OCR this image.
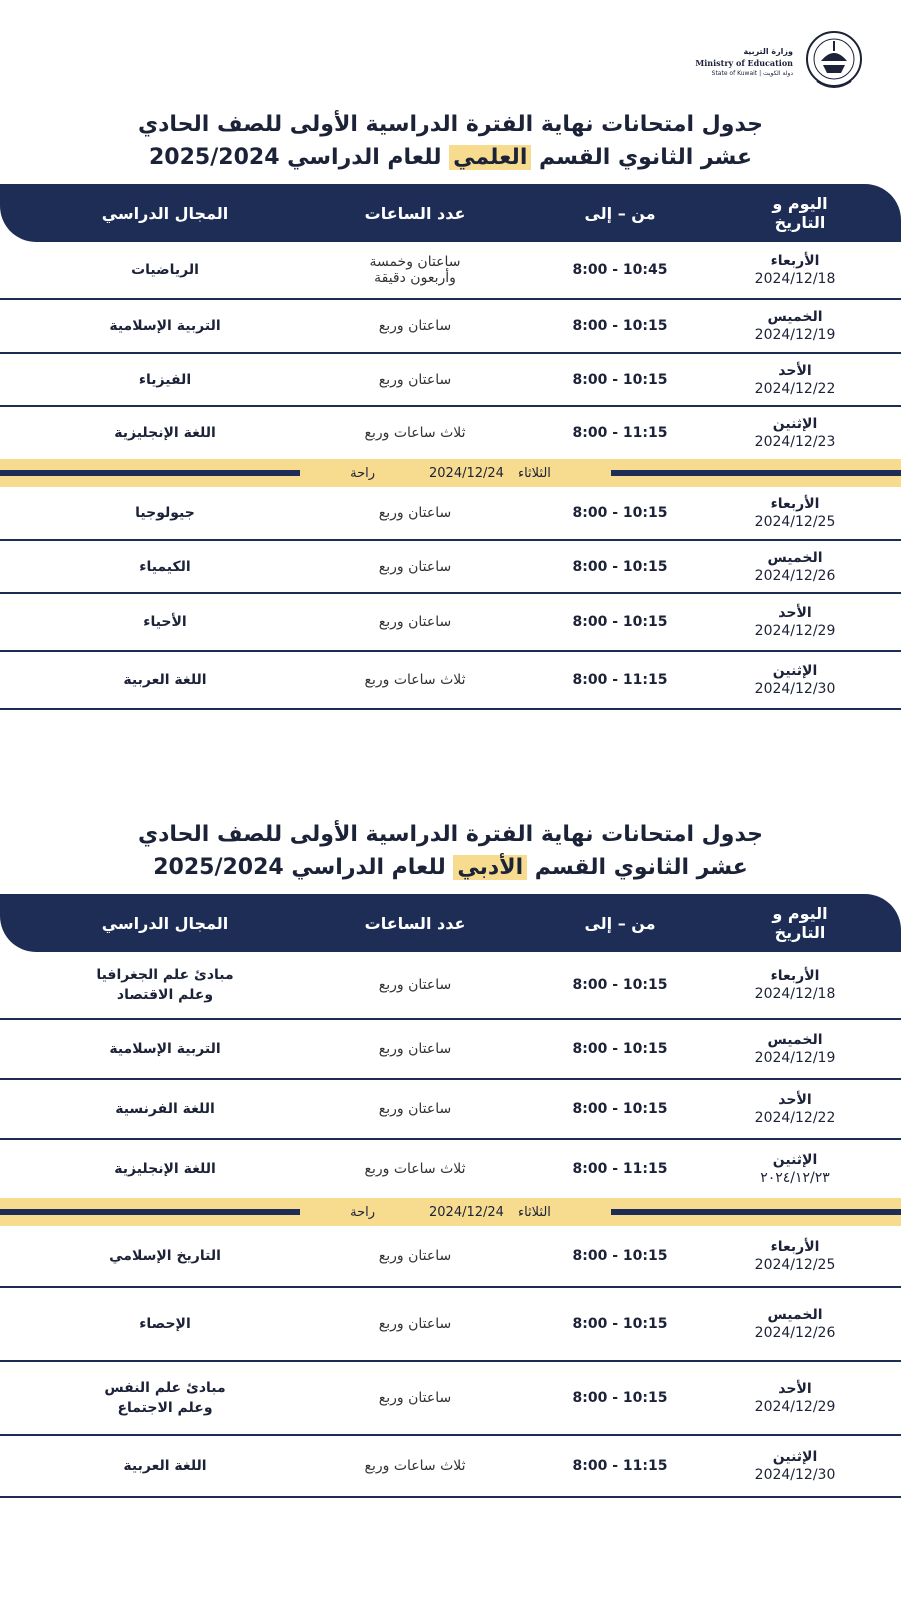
وزارة التربية
Ministry of Education
State of Kuwait | دولة الكويت
جدول امتحانات نهاية الفترة الدراسية الأولى للصف الحادي
عشر الثانوي القسم العلمي للعام الدراسي 2025/2024
اليوم و التاريخ
من – إلى
عدد الساعات
المجال الدراسي
الأربعاء
2024/12/18
8:00 - 10:45
ساعتان وخمسة وأربعون دقيقة
الرياضيات
الخميس
2024/12/19
8:00 - 10:15
ساعتان وربع
التربية الإسلامية
الأحد
2024/12/22
8:00 - 10:15
ساعتان وربع
الفيزياء
الإثنين
2024/12/23
8:00 - 11:15
ثلاث ساعات وربع
اللغة الإنجليزية
الثلاثاء
2024/12/24
راحة
الأربعاء
2024/12/25
8:00 - 10:15
ساعتان وربع
جيولوجيا
الخميس
2024/12/26
8:00 - 10:15
ساعتان وربع
الكيمياء
الأحد
2024/12/29
8:00 - 10:15
ساعتان وربع
الأحياء
الإثنين
2024/12/30
8:00 - 11:15
ثلاث ساعات وربع
اللغة العربية
جدول امتحانات نهاية الفترة الدراسية الأولى للصف الحادي
عشر الثانوي القسم الأدبي للعام الدراسي 2025/2024
اليوم و التاريخ
من – إلى
عدد الساعات
المجال الدراسي
الأربعاء
2024/12/18
8:00 - 10:15
ساعتان وربع
مبادئ علم الجغرافيا وعلم الاقتصاد
الخميس
2024/12/19
8:00 - 10:15
ساعتان وربع
التربية الإسلامية
الأحد
2024/12/22
8:00 - 10:15
ساعتان وربع
اللغة الفرنسية
الإثنين
٢٠٢٤/١٢/٢٣
8:00 - 11:15
ثلاث ساعات وربع
اللغة الإنجليزية
الثلاثاء
2024/12/24
راحة
الأربعاء
2024/12/25
8:00 - 10:15
ساعتان وربع
التاريخ الإسلامي
الخميس
2024/12/26
8:00 - 10:15
ساعتان وربع
الإحصاء
الأحد
2024/12/29
8:00 - 10:15
ساعتان وربع
مبادئ علم النفس وعلم الاجتماع
الإثنين
2024/12/30
8:00 - 11:15
ثلاث ساعات وربع
اللغة العربية
